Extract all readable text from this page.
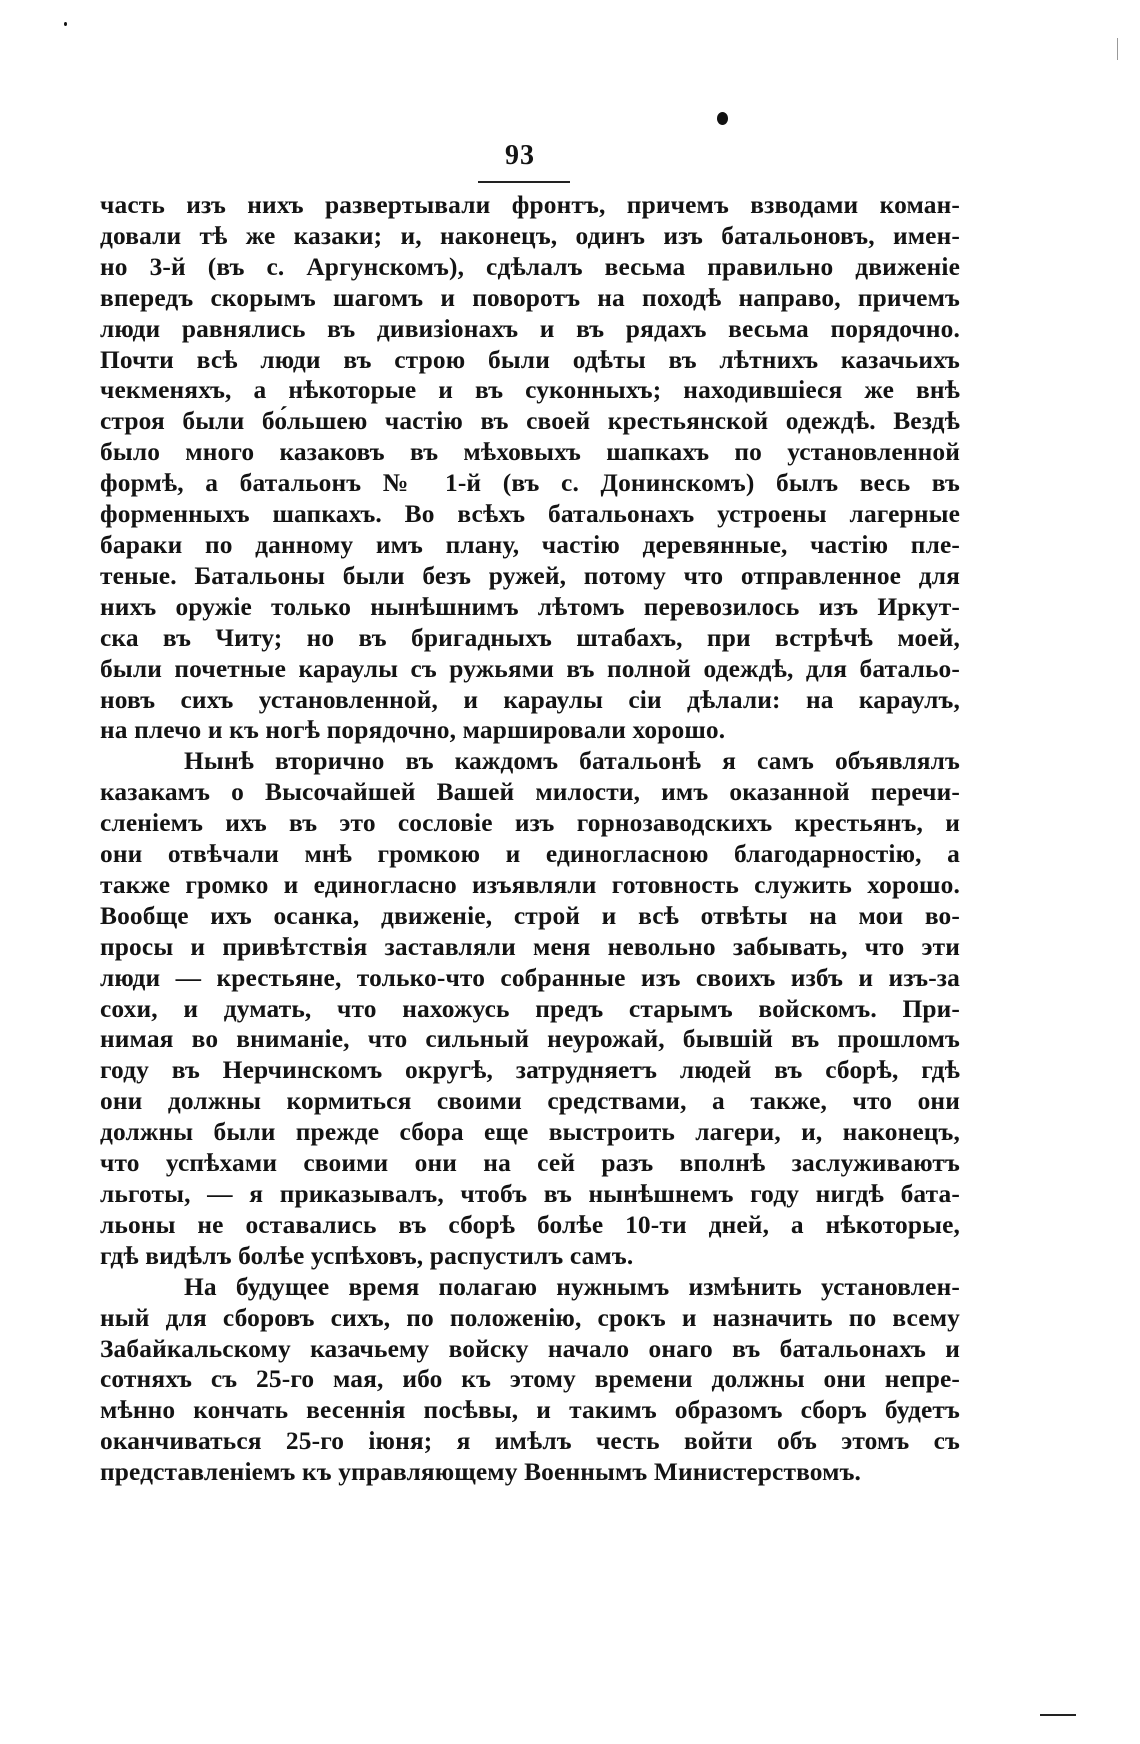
93

часть изъ нихъ развертывали фронтъ, причемъ взводами коман-
довали тѣ же казаки; и, наконецъ, одинъ изъ батальоновъ, имен-
но 3-й (въ с. Аргунскомъ), сдѣлалъ весьма правильно движеніе
впередъ скорымъ шагомъ и поворотъ на походѣ направо, причемъ
люди равнялись въ дивизіонахъ и въ рядахъ весьма порядочно.
Почти всѣ люди въ строю были одѣты въ лѣтнихъ казачьихъ
чекменяхъ, а нѣкоторые и въ суконныхъ; находившіеся же внѣ
строя были бо́льшею частію въ своей крестьянской одеждѣ. Вездѣ
было много казаковъ въ мѣховыхъ шапкахъ по установленной
формѣ, а батальонъ № 1-й (въ с. Донинскомъ) былъ весь въ
форменныхъ шапкахъ. Во всѣхъ батальонахъ устроены лагерные
бараки по данному имъ плану, частію деревянные, частію пле-
теные. Батальоны были безъ ружей, потому что отправленное для
нихъ оружіе только нынѣшнимъ лѣтомъ перевозилось изъ Иркут-
ска въ Читу; но въ бригадныхъ штабахъ, при встрѣчѣ моей,
были почетные караулы съ ружьями въ полной одеждѣ, для батальо-
новъ сихъ установленной, и караулы сіи дѣлали: на караулъ,
на плечо и къ ногѣ порядочно, маршировали хорошо.

Нынѣ вторично въ каждомъ батальонѣ я самъ объявлялъ
казакамъ о Высочайшей Вашей милости, имъ оказанной перечи-
сленіемъ ихъ въ это сословіе изъ горнозаводскихъ крестьянъ, и
они отвѣчали мнѣ громкою и единогласною благодарностію, а
также громко и единогласно изъявляли готовность служить хорошо.
Вообще ихъ осанка, движеніе, строй и всѣ отвѣты на мои во-
просы и привѣтствія заставляли меня невольно забывать, что эти
люди — крестьяне, только-что собранные изъ своихъ избъ и изъ-за
сохи, и думать, что нахожусь предъ старымъ войскомъ. При-
нимая во вниманіе, что сильный неурожай, бывшій въ прошломъ
году въ Нерчинскомъ округѣ, затрудняетъ людей въ сборѣ, гдѣ
они должны кормиться своими средствами, а также, что они
должны были прежде сбора еще выстроить лагери, и, наконецъ,
что успѣхами своими они на сей разъ вполнѣ заслуживаютъ
льготы, — я приказывалъ, чтобъ въ нынѣшнемъ году нигдѣ бата-
льоны не оставались въ сборѣ болѣе 10-ти дней, а нѣкоторые,
гдѣ видѣлъ болѣе успѣховъ, распустилъ самъ.

На будущее время полагаю нужнымъ измѣнить установлен-
ный для сборовъ сихъ, по положенію, срокъ и назначить по всему
Забайкальскому казачьему войску начало онаго въ батальонахъ и
сотняхъ съ 25-го мая, ибо къ этому времени должны они непре-
мѣнно кончать весеннія посѣвы, и такимъ образомъ сборъ будетъ
оканчиваться 25-го іюня; я имѣлъ честь войти объ этомъ съ
представленіемъ къ управляющему Военнымъ Министерствомъ.
